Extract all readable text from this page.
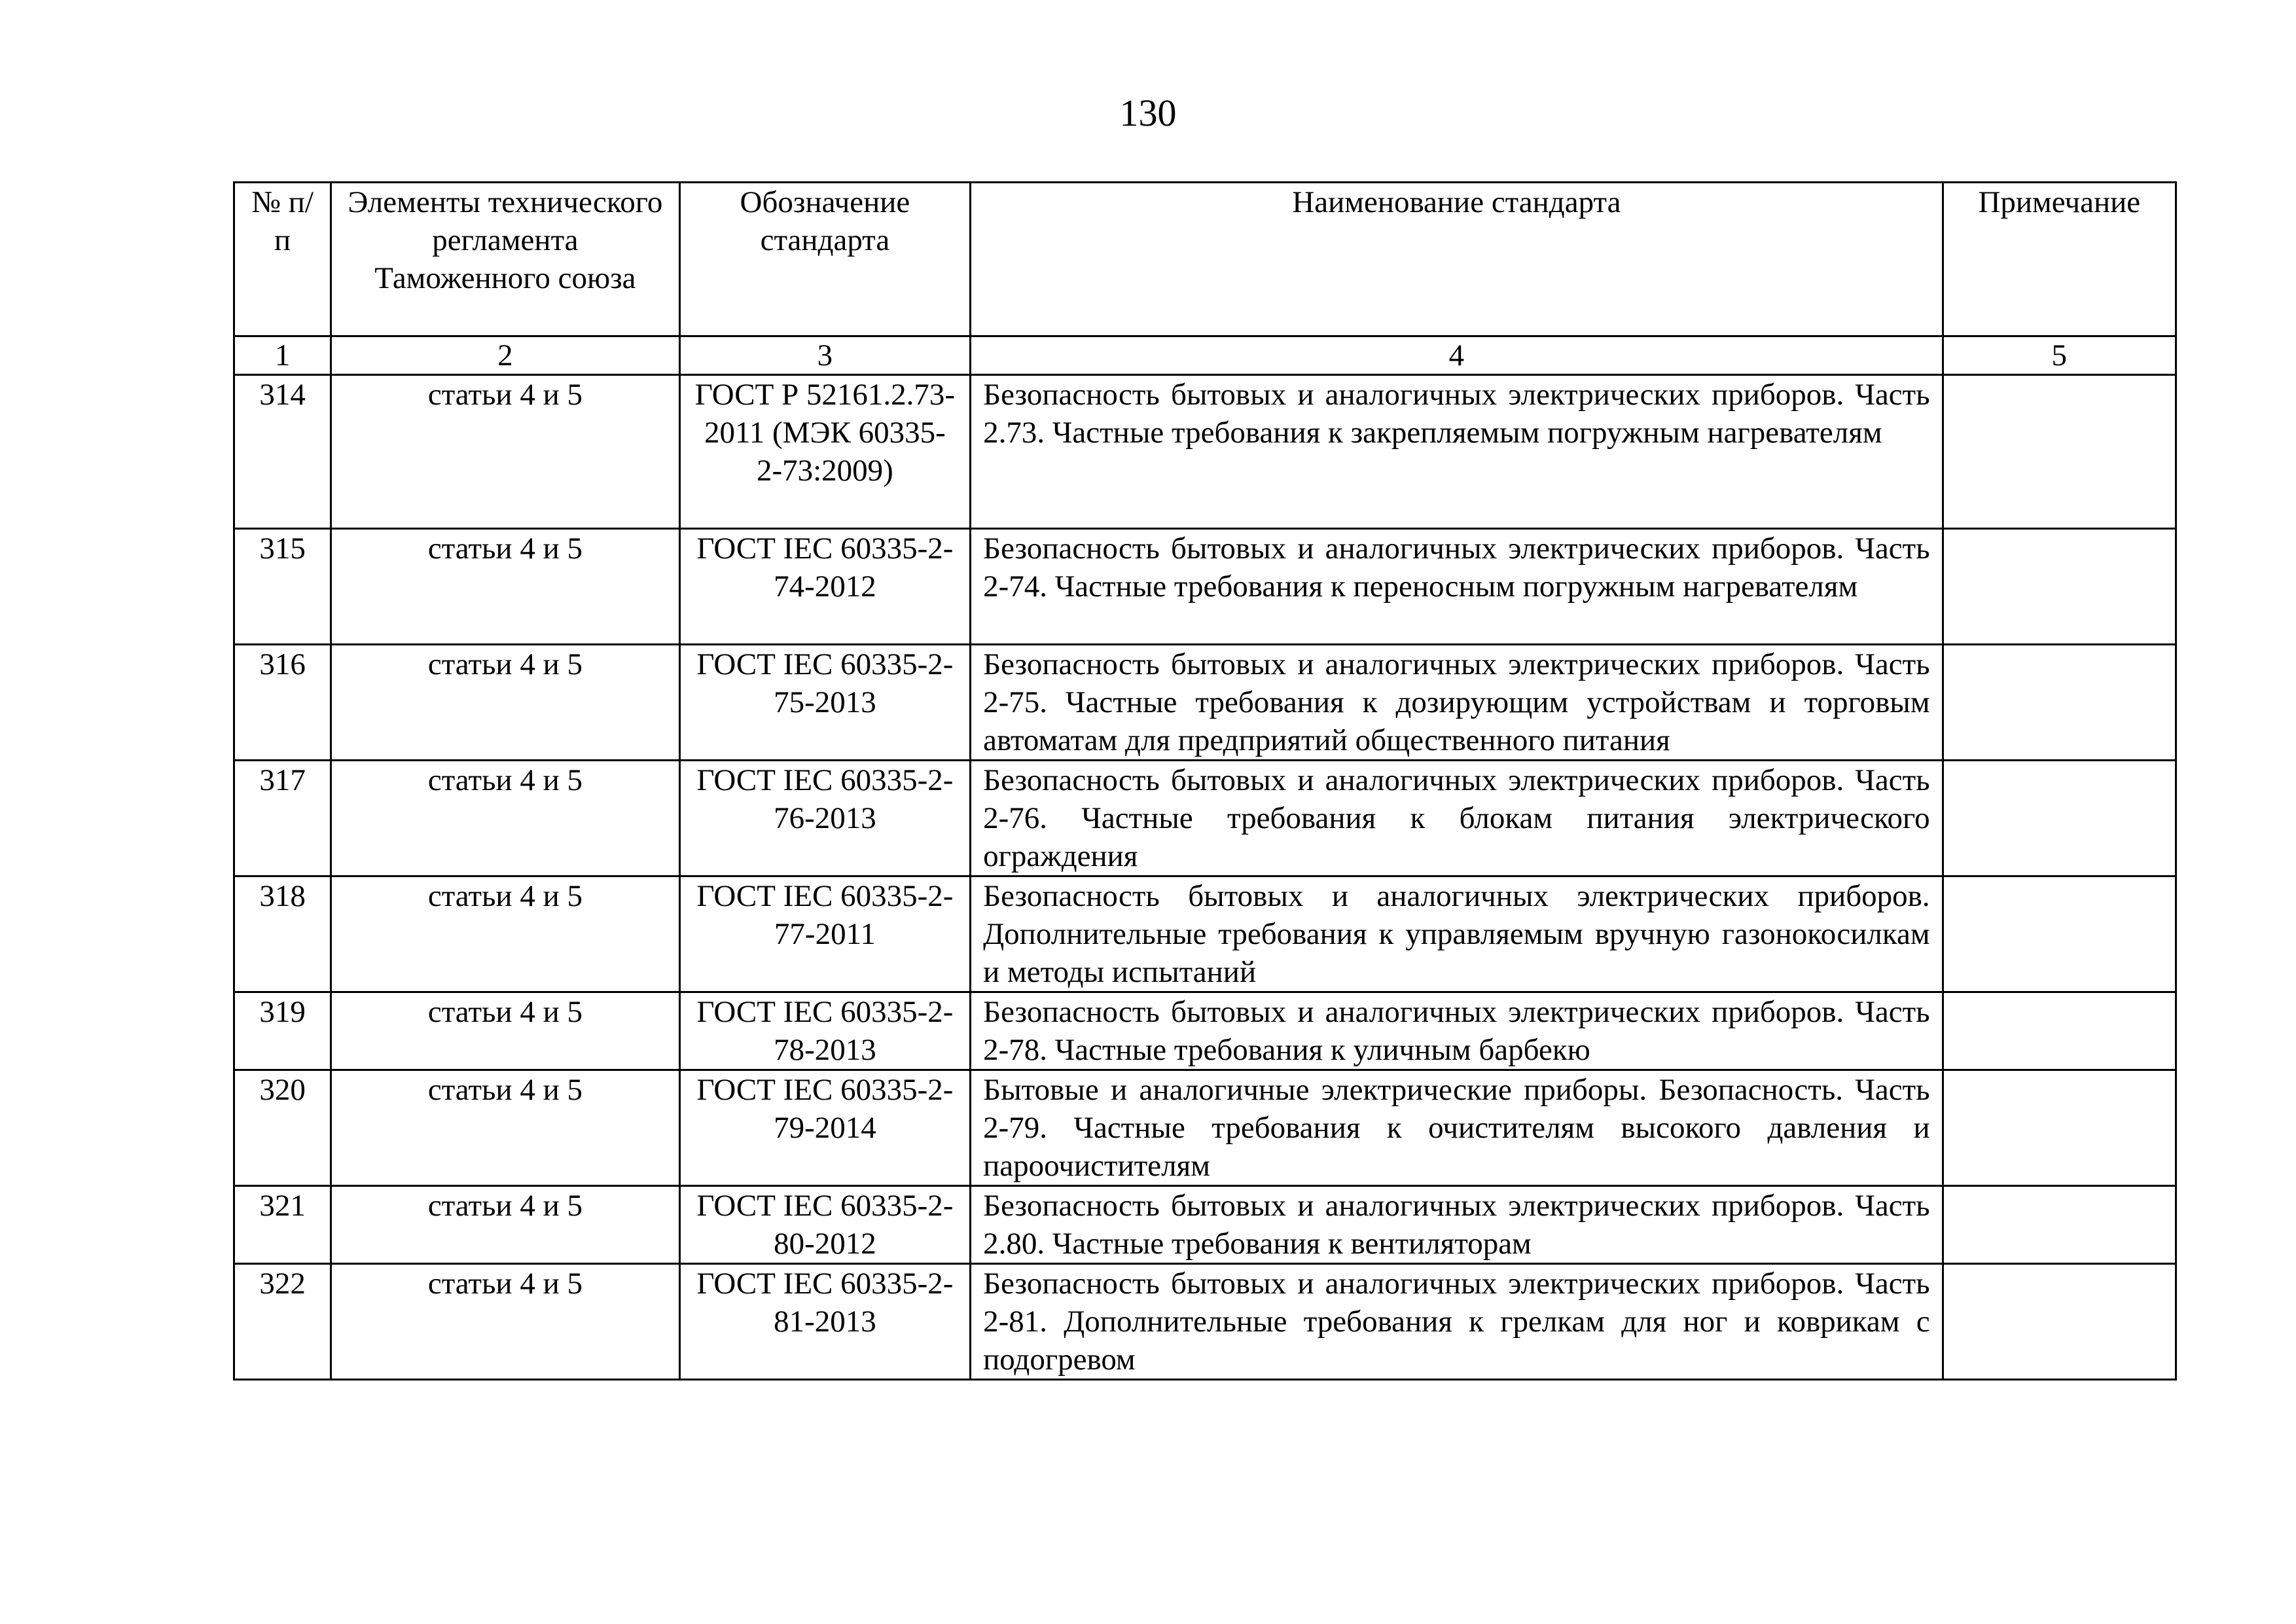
130
№ п/п	Элементы технического регламента Таможенного союза	Обозначение стандарта	Наименование стандарта	Примечание
1	2	3	4	5
314	статьи 4 и 5	ГОСТ Р 52161.2.73-2011 (МЭК 60335-2-73:2009)	Безопасность бытовых и аналогичных электрических приборов. Часть 2.73. Частные требования к закрепляемым погружным нагревателям	
315	статьи 4 и 5	ГОСТ IEC 60335-2-74-2012	Безопасность бытовых и аналогичных электрических приборов. Часть 2-74. Частные требования к переносным погружным нагревателям	
316	статьи 4 и 5	ГОСТ IEC 60335-2-75-2013	Безопасность бытовых и аналогичных электрических приборов. Часть 2-75. Частные требования к дозирующим устройствам и торговым автоматам для предприятий общественного питания	
317	статьи 4 и 5	ГОСТ IEC 60335-2-76-2013	Безопасность бытовых и аналогичных электрических приборов. Часть 2-76. Частные требования к блокам питания электрического ограждения	
318	статьи 4 и 5	ГОСТ IEC 60335-2-77-2011	Безопасность бытовых и аналогичных электрических приборов. Дополнительные требования к управляемым вручную газонокосилкам и методы испытаний	
319	статьи 4 и 5	ГОСТ IEC 60335-2-78-2013	Безопасность бытовых и аналогичных электрических приборов. Часть 2-78. Частные требования к уличным барбекю	
320	статьи 4 и 5	ГОСТ IEC 60335-2-79-2014	Бытовые и аналогичные электрические приборы. Безопасность. Часть 2-79. Частные требования к очистителям высокого давления и пароочистителям	
321	статьи 4 и 5	ГОСТ IEC 60335-2-80-2012	Безопасность бытовых и аналогичных электрических приборов. Часть 2.80. Частные требования к вентиляторам	
322	статьи 4 и 5	ГОСТ IEC 60335-2-81-2013	Безопасность бытовых и аналогичных электрических приборов. Часть 2-81. Дополнительные требования к грелкам для ног и коврикам с подогревом	
